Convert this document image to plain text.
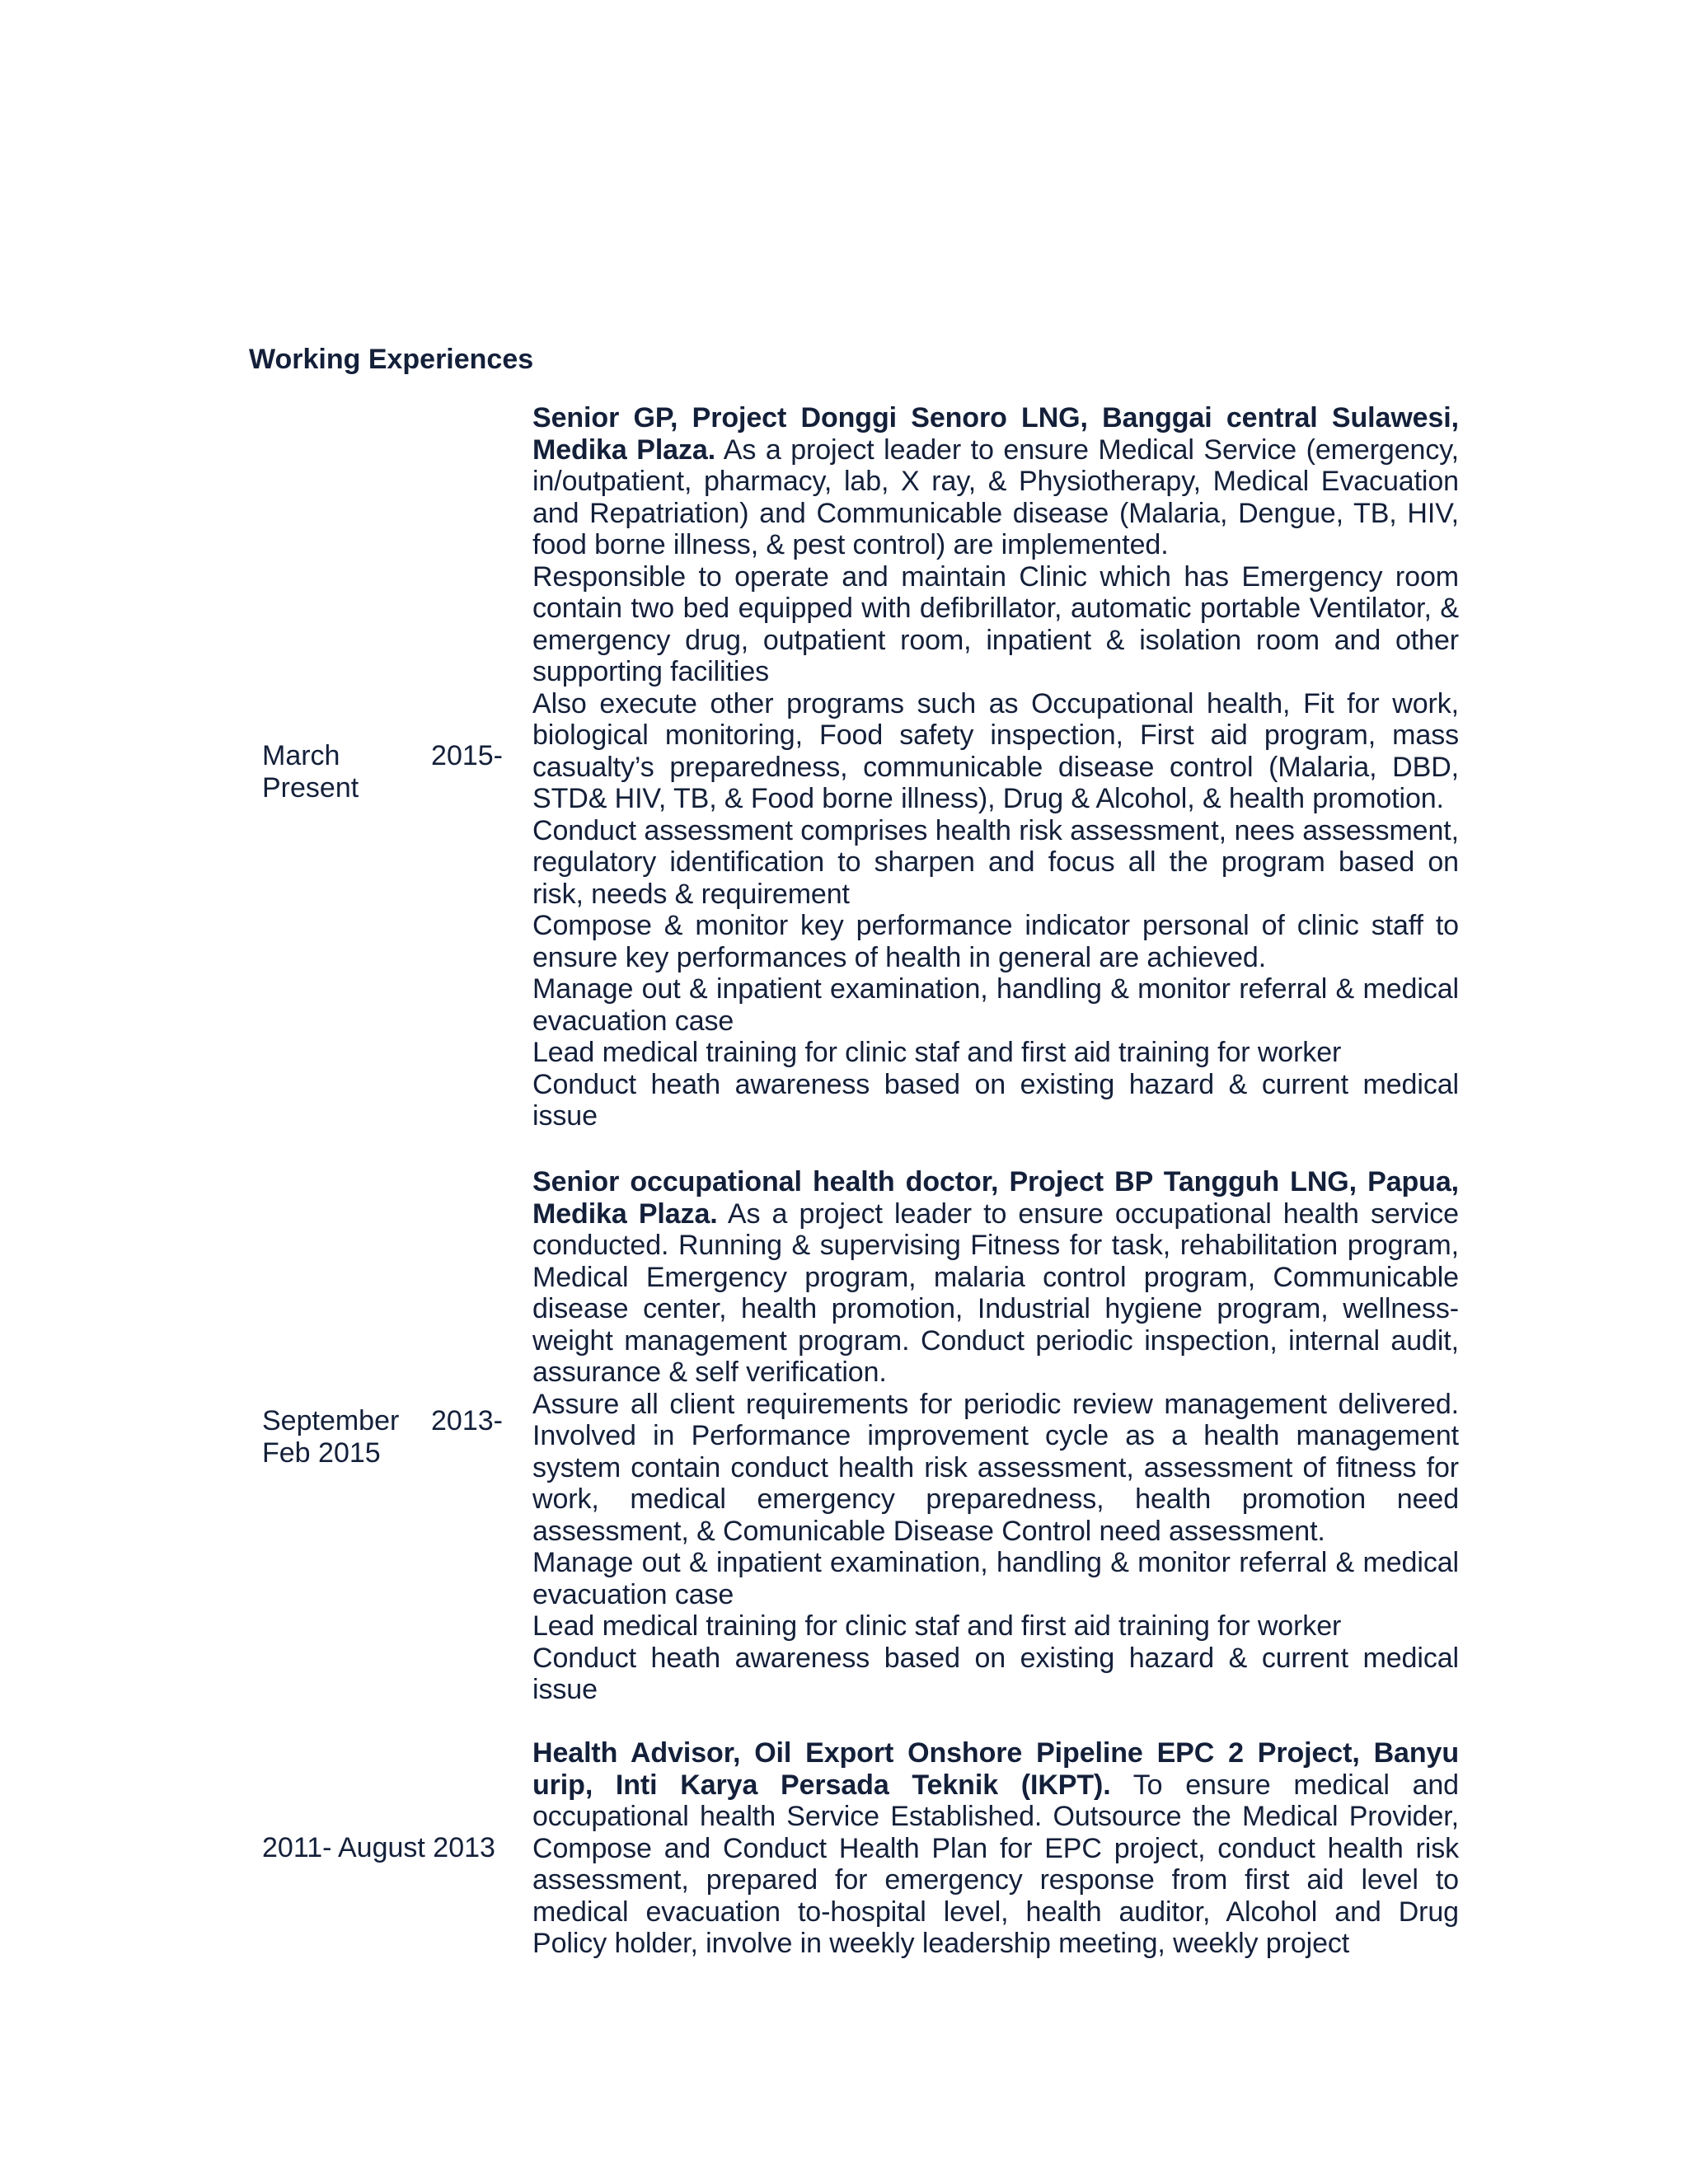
Working Experiences
March 2015-
Present

Senior GP, Project Donggi Senoro LNG, Banggai central Sulawesi, Medika Plaza. As a project leader to ensure Medical Service (emergency, in/outpatient, pharmacy, lab, X ray, & Physiotherapy, Medical Evacuation and Repatriation) and Communicable disease (Malaria, Dengue, TB, HIV, food borne illness, & pest control) are implemented.

Responsible to operate and maintain Clinic which has Emergency room contain two bed equipped with defibrillator, automatic portable Ventilator, & emergency drug, outpatient room, inpatient & isolation room and other supporting facilities

Also execute other programs such as Occupational health, Fit for work, biological monitoring, Food safety inspection, First aid program, mass casualty’s preparedness, communicable disease control (Malaria, DBD, STD& HIV, TB, & Food borne illness), Drug & Alcohol, & health promotion.

Conduct assessment comprises health risk assessment, nees assessment, regulatory identification to sharpen and focus all the program based on risk, needs & requirement

Compose & monitor key performance indicator personal of clinic staff to ensure key performances of health in general are achieved.

Manage out & inpatient examination, handling & monitor referral & medical evacuation case

Lead medical training for clinic staf and first aid training for worker

Conduct heath awareness based on existing hazard & current medical issue

September 2013-
Feb 2015

Senior occupational health doctor, Project BP Tangguh LNG, Papua, Medika Plaza. As a project leader to ensure occupational health service conducted. Running & supervising Fitness for task, rehabilitation program, Medical Emergency program, malaria control program, Communicable disease center, health promotion, Industrial hygiene program, wellness-weight management program. Conduct periodic inspection, internal audit, assurance & self verification.

Assure all client requirements for periodic review management delivered. Involved in Performance improvement cycle as a health management system contain conduct health risk assessment, assessment of fitness for work, medical emergency preparedness, health promotion need assessment, & Comunicable Disease Control need assessment.

Manage out & inpatient examination, handling & monitor referral & medical evacuation case

Lead medical training for clinic staf and first aid training for worker

Conduct heath awareness based on existing hazard & current medical issue

2011- August 2013

Health Advisor, Oil Export Onshore Pipeline EPC 2 Project, Banyu urip, Inti Karya Persada Teknik (IKPT). To ensure medical and occupational health Service Established. Outsource the Medical Provider, Compose and Conduct Health Plan for EPC project, conduct health risk assessment, prepared for emergency response from first aid level to medical evacuation to-hospital level, health auditor, Alcohol and Drug Policy holder, involve in weekly leadership meeting, weekly project
